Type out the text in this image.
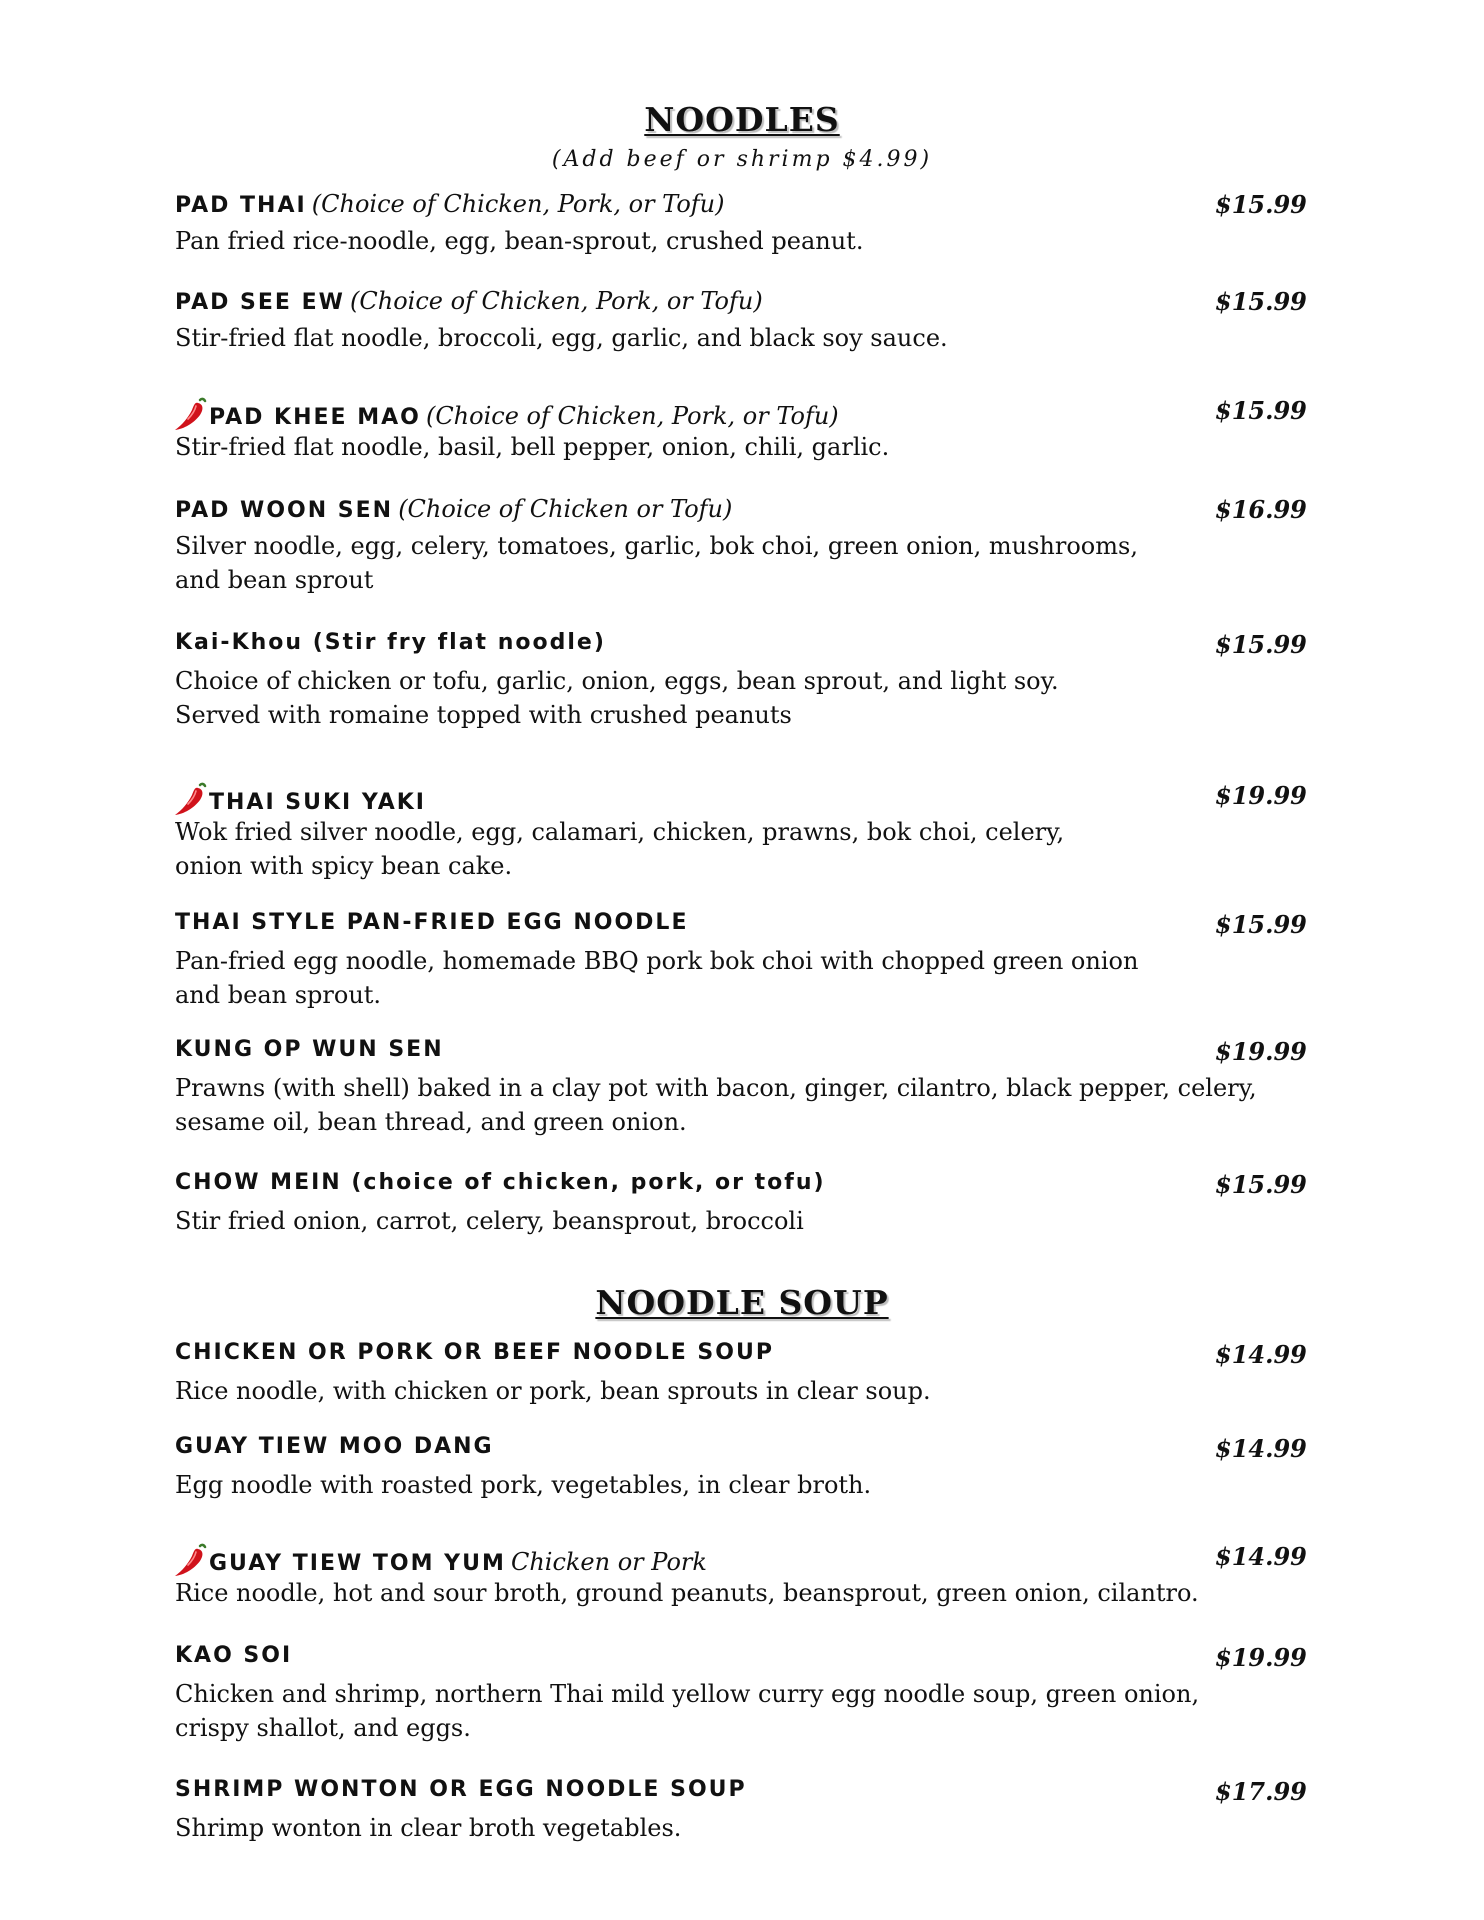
NOODLES
(Add beef or shrimp $4.99)
PAD THAI (Choice of Chicken, Pork, or Tofu)	$15.99
Pan fried rice-noodle, egg, bean-sprout, crushed peanut.
PAD SEE EW (Choice of Chicken, Pork, or Tofu)	$15.99
Stir-fried flat noodle, broccoli, egg, garlic, and black soy sauce.
PAD KHEE MAO (Choice of Chicken, Pork, or Tofu)	$15.99
Stir-fried flat noodle, basil, bell pepper, onion, chili, garlic.
PAD WOON SEN (Choice of Chicken or Tofu)	$16.99
Silver noodle, egg, celery, tomatoes, garlic, bok choi, green onion, mushrooms,
and bean sprout
Kai-Khou (Stir fry flat noodle)	$15.99
Choice of chicken or tofu, garlic, onion, eggs, bean sprout, and light soy.
Served with romaine topped with crushed peanuts
THAI SUKI YAKI	$19.99
Wok fried silver noodle, egg, calamari, chicken, prawns, bok choi, celery,
onion with spicy bean cake.
THAI STYLE PAN-FRIED EGG NOODLE	$15.99
Pan-fried egg noodle, homemade BBQ pork bok choi with chopped green onion
and bean sprout.
KUNG OP WUN SEN	$19.99
Prawns (with shell) baked in a clay pot with bacon, ginger, cilantro, black pepper, celery,
sesame oil, bean thread, and green onion.
CHOW MEIN (choice of chicken, pork, or tofu)	$15.99
Stir fried onion, carrot, celery, beansprout, broccoli
NOODLE SOUP
CHICKEN OR PORK OR BEEF NOODLE SOUP	$14.99
Rice noodle, with chicken or pork, bean sprouts in clear soup.
GUAY TIEW MOO DANG	$14.99
Egg noodle with roasted pork, vegetables, in clear broth.
GUAY TIEW TOM YUM Chicken or Pork	$14.99
Rice noodle, hot and sour broth, ground peanuts, beansprout, green onion, cilantro.
KAO SOI	$19.99
Chicken and shrimp, northern Thai mild yellow curry egg noodle soup, green onion,
crispy shallot, and eggs.
SHRIMP WONTON OR EGG NOODLE SOUP	$17.99
Shrimp wonton in clear broth vegetables.
